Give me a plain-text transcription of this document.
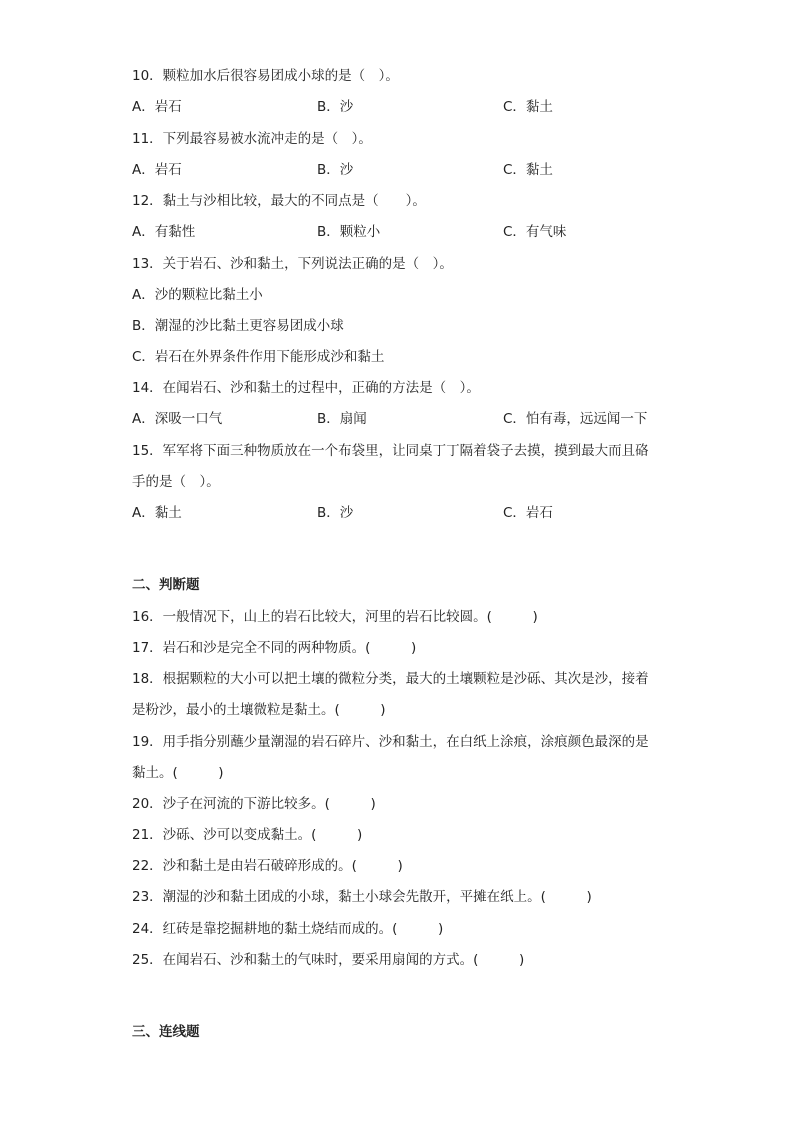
10．颗粒加水后很容易团成小球的是（　）。
A．岩石	B．沙	C．黏土
11．下列最容易被水流冲走的是（　）。
A．岩石	B．沙	C．黏土
12．黏土与沙相比较，最大的不同点是（　　）。
A．有黏性	B．颗粒小	C．有气味
13．关于岩石、沙和黏土，下列说法正确的是（　）。
A．沙的颗粒比黏土小
B．潮湿的沙比黏土更容易团成小球
C．岩石在外界条件作用下能形成沙和黏土
14．在闻岩石、沙和黏土的过程中，正确的方法是（　）。
A．深吸一口气	B．扇闻	C．怕有毒，远远闻一下
15．军军将下面三种物质放在一个布袋里，让同桌丁丁隔着袋子去摸，摸到最大而且硌
手的是（　）。
A．黏土	B．沙	C．岩石
二、判断题
16．一般情况下，山上的岩石比较大，河里的岩石比较圆。(　　　)
17．岩石和沙是完全不同的两种物质。(　　　)
18．根据颗粒的大小可以把土壤的微粒分类，最大的土壤颗粒是沙砾、其次是沙，接着
是粉沙，最小的土壤微粒是黏土。(　　　)
19．用手指分别蘸少量潮湿的岩石碎片、沙和黏土，在白纸上涂痕，涂痕颜色最深的是
黏土。(　　　)
20．沙子在河流的下游比较多。(　　　)
21．沙砾、沙可以变成黏土。(　　　)
22．沙和黏土是由岩石破碎形成的。(　　　)
23．潮湿的沙和黏土团成的小球，黏土小球会先散开，平摊在纸上。(　　　)
24．红砖是靠挖掘耕地的黏土烧结而成的。(　　　)
25．在闻岩石、沙和黏土的气味时，要采用扇闻的方式。(　　　)
三、连线题
